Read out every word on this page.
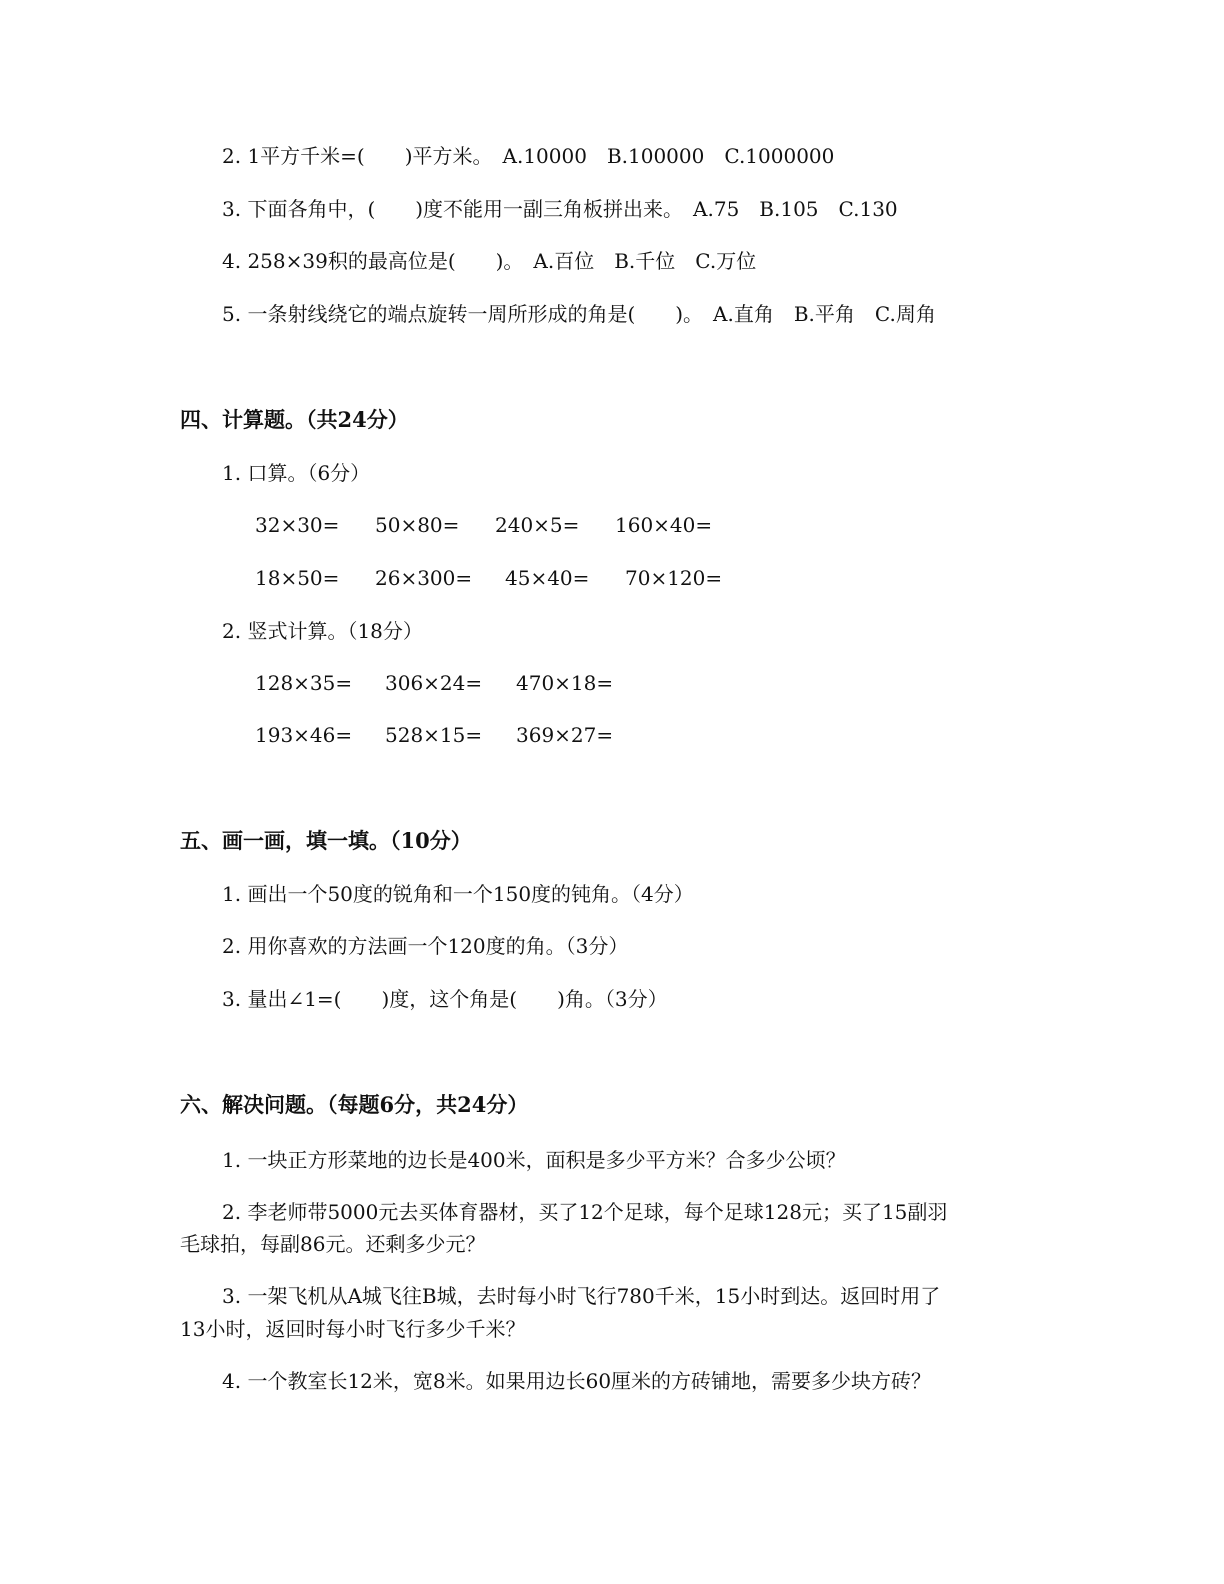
2. 1平方千米=(　　)平方米。　A.10000　B.100000　C.1000000
3. 下面各角中，(　　)度不能用一副三角板拼出来。　A.75　B.105　C.130
4. 258×39积的最高位是(　　)。　A.百位　B.千位　C.万位
5. 一条射线绕它的端点旋转一周所形成的角是(　　)。　A.直角　B.平角　C.周角
四、计算题。（共24分）
1. 口算。（6分）
32×30= 50×80= 240×5= 160×40=
18×50= 26×300= 45×40= 70×120=
2. 竖式计算。（18分）
128×35= 306×24= 470×18=
193×46= 528×15= 369×27=
五、画一画，填一填。（10分）
1. 画出一个50度的锐角和一个150度的钝角。（4分）
2. 用你喜欢的方法画一个120度的角。（3分）
3. 量出∠1=(　　)度，这个角是(　　)角。（3分）
六、解决问题。（每题6分，共24分）
1. 一块正方形菜地的边长是400米，面积是多少平方米？合多少公顷？
2. 李老师带5000元去买体育器材，买了12个足球，每个足球128元；买了15副羽
毛球拍，每副86元。还剩多少元？
3. 一架飞机从A城飞往B城，去时每小时飞行780千米，15小时到达。返回时用了
13小时，返回时每小时飞行多少千米？
4. 一个教室长12米，宽8米。如果用边长60厘米的方砖铺地，需要多少块方砖？
